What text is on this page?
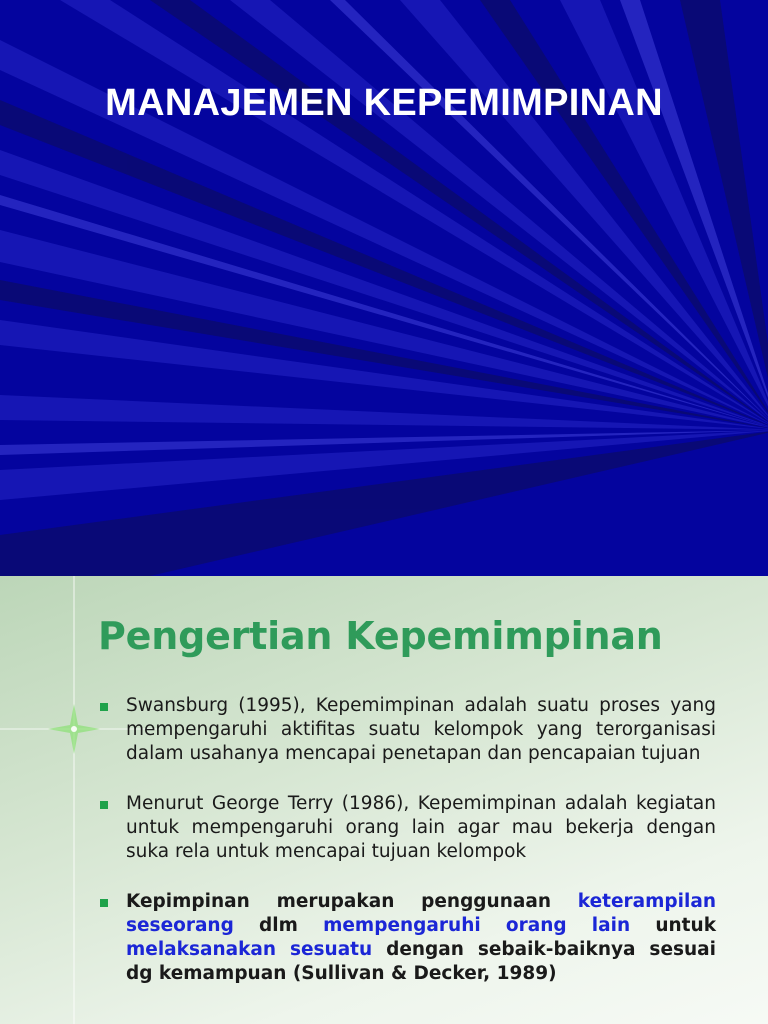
MANAJEMEN KEPEMIMPINAN
Pengertian Kepemimpinan
Swansburg (1995), Kepemimpinan adalah suatu proses yang mempengaruhi aktifitas suatu kelompok yang terorganisasi dalam usahanya mencapai penetapan dan pencapaian tujuan
Menurut George Terry (1986), Kepemimpinan adalah kegiatan untuk mempengaruhi orang lain agar mau bekerja dengan suka rela untuk mencapai tujuan kelompok
Kepimpinan merupakan penggunaan keterampilan seseorang dlm mempengaruhi orang lain untuk melaksanakan sesuatu dengan sebaik-baiknya sesuai dg kemampuan (Sullivan & Decker, 1989)
